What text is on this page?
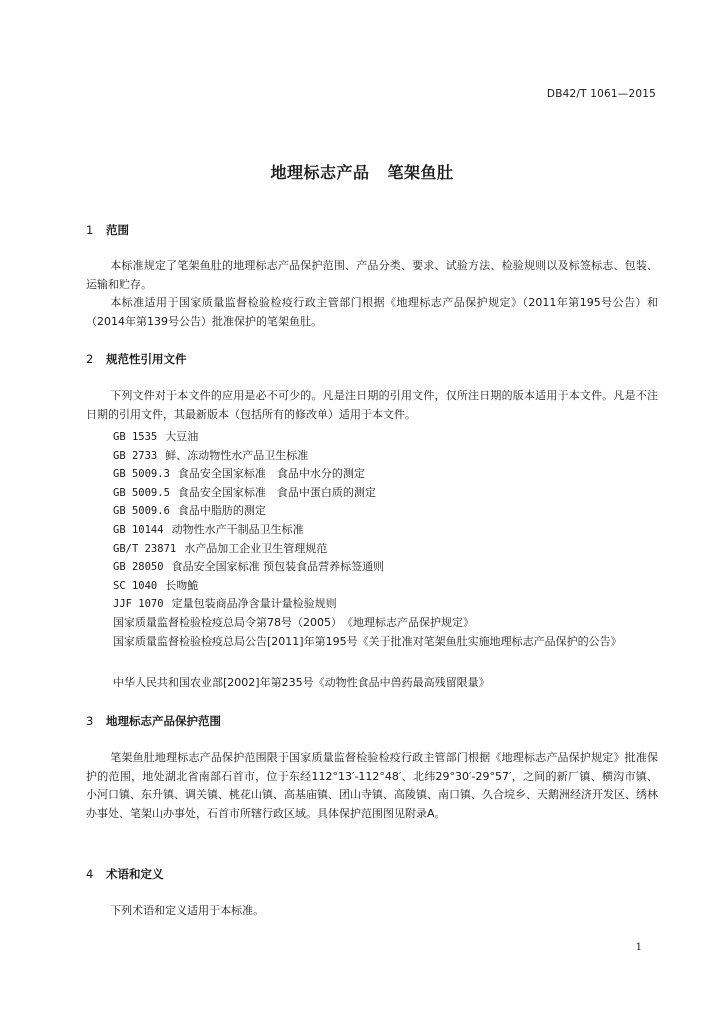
DB42/T 1061—2015
地理标志产品 笔架鱼肚
1 范围
本标准规定了笔架鱼肚的地理标志产品保护范围、产品分类、要求、试验方法、检验规则以及标签标志、包装、运输和贮存。
本标准适用于国家质量监督检验检疫行政主管部门根据《地理标志产品保护规定》（2011年第195号公告）和（2014年第139号公告）批准保护的笔架鱼肚。
2 规范性引用文件
下列文件对于本文件的应用是必不可少的。凡是注日期的引用文件，仅所注日期的版本适用于本文件。凡是不注日期的引用文件，其最新版本（包括所有的修改单）适用于本文件。
GB 1535 大豆油
GB 2733 鲜、冻动物性水产品卫生标准
GB 5009.3 食品安全国家标准　食品中水分的测定
GB 5009.5 食品安全国家标准　食品中蛋白质的测定
GB 5009.6 食品中脂肪的测定
GB 10144 动物性水产干制品卫生标准
GB/T 23871 水产品加工企业卫生管理规范
GB 28050 食品安全国家标准 预包装食品营养标签通则
SC 1040 长吻鮠
JJF 1070 定量包装商品净含量计量检验规则
国家质量监督检验检疫总局令第78号（2005）　《地理标志产品保护规定》
国家质量监督检验检疫总局公告[2011]年第195号《关于批准对笔架鱼肚实施地理标志产品保护的公告》
中华人民共和国农业部[2002]年第235号《动物性食品中兽药最高残留限量》
3 地理标志产品保护范围
笔架鱼肚地理标志产品保护范围限于国家质量监督检验检疫行政主管部门根据《地理标志产品保护规定》批准保护的范围，地处湖北省南部石首市，位于东经112°13′-112°48′、北纬29°30′-29°57′，之间的新厂镇、横沟市镇、小河口镇、东升镇、调关镇、桃花山镇、高基庙镇、团山寺镇、高陵镇、南口镇、久合垸乡、天鹅洲经济开发区、绣林办事处、笔架山办事处，石首市所辖行政区域。具体保护范围图见附录A。
4 术语和定义
下列术语和定义适用于本标准。
1
